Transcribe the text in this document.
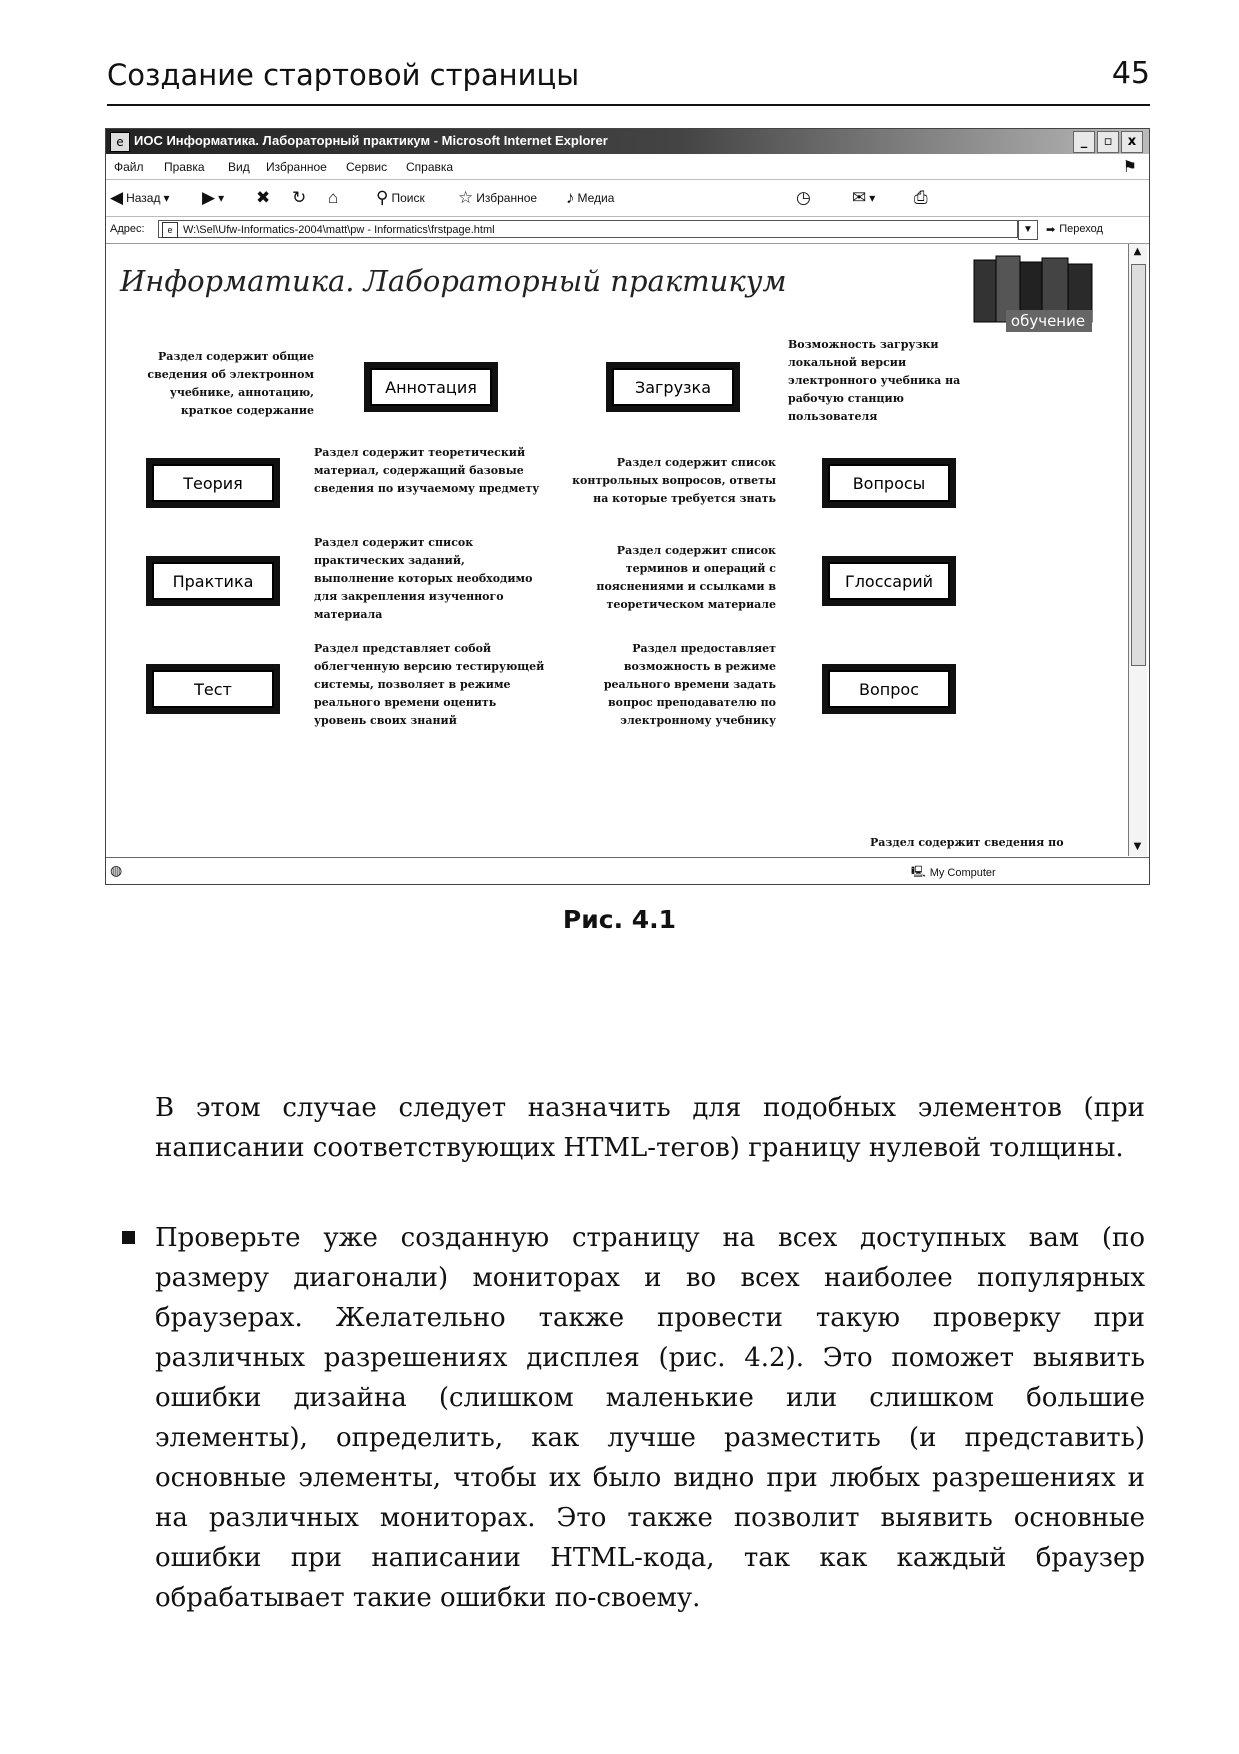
Создание стартовой страницы	45
e ИОС Информатика. Лабораторный практикум - Microsoft Internet Explorer	_	▫	x
Файл Правка Вид Избранное Сервис Справка	⚑
◀ Назад ▾ ▶ ▾ ✖ ↻ ⌂ ⚲ Поиск ☆ Избранное ♪ Медиа	◷ ✉ ▾ ⎙
Адрес:	W:\Sel\Ufw-Informatics-2004\matt\pw - Informatics\frstpage.html
e	▼	➡ Переход
Информатика. Лабораторный практикум
обучение
Раздел содержит общие сведения об электронном учебнике, аннотацию, краткое содержание
Аннотация	Загрузка
Возможность загрузки локальной версии электронного учебника на рабочую станцию пользователя
Теория
Раздел содержит теоретический материал, содержащий базовые сведения по изучаемому предмету
Раздел содержит список контрольных вопросов, ответы на которые требуется знать
Вопросы
Практика
Раздел содержит список практических заданий, выполнение которых необходимо для закрепления изученного материала
Раздел содержит список терминов и операций с пояснениями и ссылками в теоретическом материале
Глоссарий
Тест
Раздел представляет собой облегченную версию тестирующей системы, позволяет в режиме реального времени оценить уровень своих знаний
Раздел предоставляет возможность в режиме реального времени задать вопрос преподавателю по электронному учебнику
Вопрос
Раздел содержит сведения по
▲
▼
◍	🖳 My Computer
Рис. 4.1

В этом случае следует назначить для подобных элементов (при написании соответствующих HTML-тегов) границу нулевой толщины.

Проверьте уже созданную страницу на всех доступных вам (по размеру диагонали) мониторах и во всех наиболее популярных браузерах. Желательно также провести такую проверку при различных разрешениях дисплея (рис. 4.2). Это поможет выявить ошибки дизайна (слишком маленькие или слишком большие элементы), определить, как лучше разместить (и представить) основные элементы, чтобы их было видно при любых разрешениях и на различных мониторах. Это также позволит выявить основные ошибки при написании HTML-кода, так как каждый браузер обрабатывает такие ошибки по-своему.
